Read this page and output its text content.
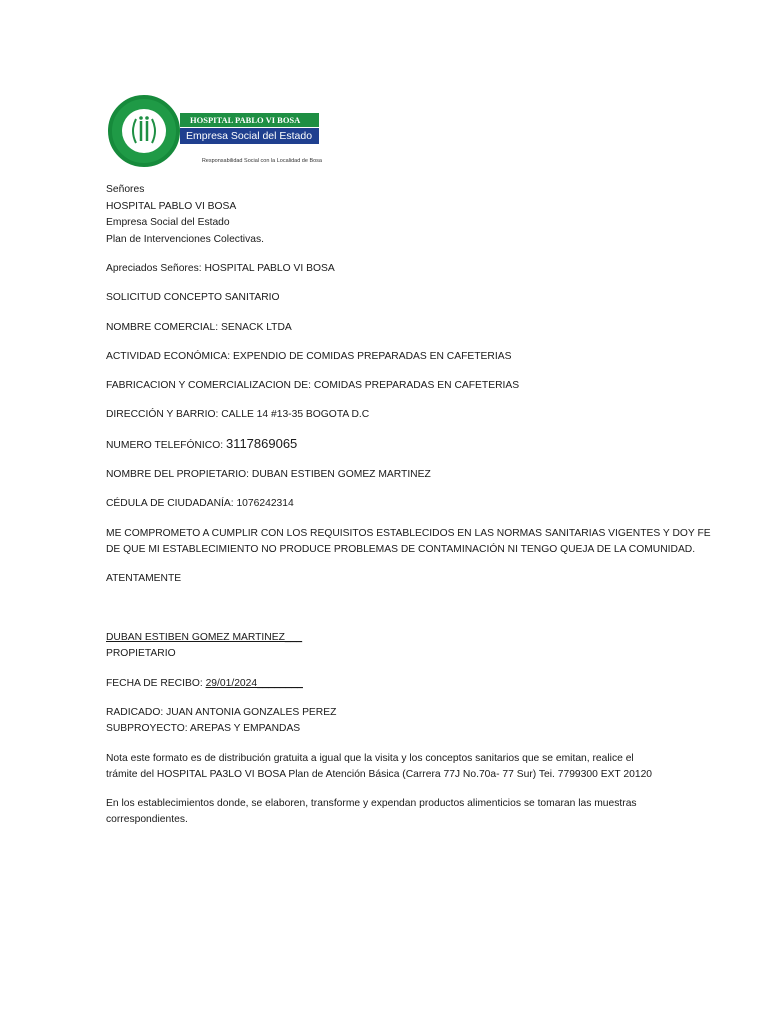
HOSPITAL PABLO VI BOSA
Empresa Social del Estado
Responsabilidad Social con la Localidad de Bosa

Señores

HOSPITAL PABLO VI BOSA

Empresa Social del Estado

Plan de Intervenciones Colectivas.

Apreciados Señores: HOSPITAL PABLO VI BOSA

SOLICITUD CONCEPTO SANITARIO

NOMBRE COMERCIAL: SENACK LTDA

ACTIVIDAD ECONÓMICA: EXPENDIO DE COMIDAS PREPARADAS EN CAFETERIAS

FABRICACION Y COMERCIALIZACION DE: COMIDAS PREPARADAS EN CAFETERIAS

DIRECCIÓN Y BARRIO: CALLE 14 #13-35 BOGOTA D.C

NUMERO TELEFÓNICO: 3117869065

NOMBRE DEL PROPIETARIO: DUBAN ESTIBEN GOMEZ MARTINEZ

CÉDULA DE CIUDADANÍA: 1076242314

ME COMPROMETO A CUMPLIR CON LOS REQUISITOS ESTABLECIDOS EN LAS NORMAS SANITARIAS VIGENTES Y DOY FE

DE QUE MI ESTABLECIMIENTO NO PRODUCE PROBLEMAS DE CONTAMINACIÓN NI TENGO QUEJA DE LA COMUNIDAD.

ATENTAMENTE

DUBAN ESTIBEN GOMEZ MARTINEZ___

PROPIETARIO

FECHA DE RECIBO: 29/01/2024________

RADICADO: JUAN ANTONIA GONZALES PEREZ

SUBPROYECTO: AREPAS Y EMPANDAS

Nota este formato es de distribución gratuita a igual que la visita y los conceptos sanitarios que se emitan, realice el

trámite del HOSPITAL PA3LO VI BOSA Plan de Atención Básica (Carrera 77J No.70a- 77 Sur) Tei. 7799300 EXT 20120

En los establecimientos donde, se elaboren, transforme y expendan productos alimenticios se tomaran las muestras

correspondientes.
